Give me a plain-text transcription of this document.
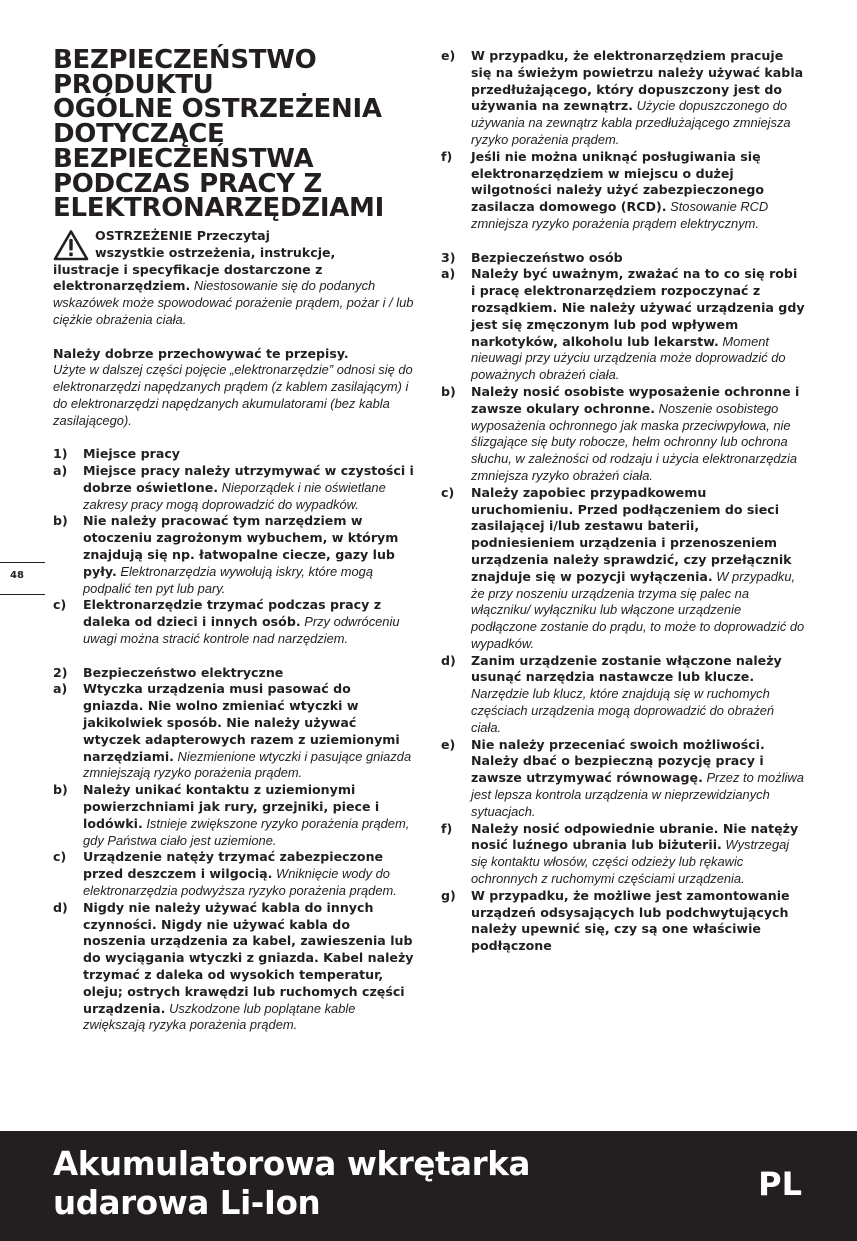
BEZPIECZEŃSTWO
PRODUKTU
OGÓLNE OSTRZEŻENIA
DOTYCZĄCE
BEZPIECZEŃSTWA
PODCZAS PRACY Z
ELEKTRONARZĘDZIAMI
OSTRZEŻENIE Przeczytaj
wszystkie ostrzeżenia, instrukcje,
ilustracje i specyfikacje dostarczone z elektronarzędziem. Niestosowanie się do podanych wskazówek może spowodować porażenie prądem, pożar i / lub ciężkie obrażenia ciała.
Należy dobrze przechowywać te przepisy.
Użyte w dalszej części pojęcie „elektronarzędzie” odnosi się do elektronarzędzi napędzanych prądem (z kablem zasilającym) i do elektronarzędzi napędzanych akumulatorami (bez kabla zasilającego).
1)	Miejsce pracy
a)	Miejsce pracy należy utrzymywać w czystości i dobrze oświetlone. Nieporządek i nie oświetlane zakresy pracy mogą doprowadzić do wypadków.
b)	Nie należy pracować tym narzędziem w otoczeniu zagrożonym wybuchem, w którym znajdują się np. łatwopalne ciecze, gazy lub pyły. Elektronarzędzia wywołują iskry, które mogą podpalić ten pyt lub pary.
c)	Elektronarzędzie trzymać podczas pracy z daleka od dzieci i innych osób. Przy odwróceniu uwagi można stracić kontrole nad narzędziem.
2)	Bezpieczeństwo elektryczne
a)	Wtyczka urządzenia musi pasować do gniazda. Nie wolno zmieniać wtyczki w jakikolwiek sposób. Nie należy używać wtyczek adapterowych razem z uziemionymi narzędziami. Niezmienione wtyczki i pasujące gniazda zmniejszają ryzyko porażenia prądem.
b)	Należy unikać kontaktu z uziemionymi powierzchniami jak rury, grzejniki, piece i lodówki. Istnieje zwiększone ryzyko porażenia prądem, gdy Państwa ciało jest uziemione.
c)	Urządzenie natęży trzymać zabezpieczone przed deszczem i wilgocią. Wniknięcie wody do elektronarzędzia podwyższa ryzyko porażenia prądem.
d)	Nigdy nie należy używać kabla do innych czynności. Nigdy nie używać kabla do noszenia urządzenia za kabel, zawieszenia lub do wyciągania wtyczki z gniazda. Kabel należy trzymać z daleka od wysokich temperatur, oleju; ostrych krawędzi lub ruchomych części urządzenia. Uszkodzone lub poplątane kable zwiększają ryzyka porażenia prądem.
e)	W przypadku, że elektronarzędziem pracuje się na świeżym powietrzu należy używać kabla przedłużającego, który dopuszczony jest do używania na zewnątrz. Użycie dopuszczonego do używania na zewnątrz kabla przedłużającego zmniejsza ryzyko porażenia prądem.
f)	Jeśli nie można uniknąć posługiwania się elektronarzędziem w miejscu o dużej wilgotności należy użyć zabezpieczonego zasilacza domowego (RCD). Stosowanie RCD zmniejsza ryzyko porażenia prądem elektrycznym.
3)	Bezpieczeństwo osób
a)	Należy być uważnym, zważać na to co się robi i pracę elektronarzędziem rozpoczynać z rozsądkiem. Nie należy używać urządzenia gdy jest się zmęczonym lub pod wpływem narkotyków, alkoholu lub lekarstw. Moment nieuwagi przy użyciu urządzenia może doprowadzić do poważnych obrażeń ciała.
b)	Należy nosić osobiste wyposażenie ochronne i zawsze okulary ochronne. Noszenie osobistego wyposażenia ochronnego jak maska przeciwpyłowa, nie ślizgające się buty robocze, hełm ochronny lub ochrona słuchu, w zależności od rodzaju i użycia elektronarzędzia zmniejsza ryzyko obrażeń ciała.
c)	Należy zapobiec przypadkowemu uruchomieniu. Przed podłączeniem do sieci zasilającej i/lub zestawu baterii, podniesieniem urządzenia i przenoszeniem urządzenia należy sprawdzić, czy przełącznik znajduje się w pozycji wyłączenia. W przypadku, że przy noszeniu urządzenia trzyma się palec na włączniku/ wyłączniku lub włączone urządzenie podłączone zostanie do prądu, to może to doprowadzić do wypadków.
d)	Zanim urządzenie zostanie włączone należy usunąć narzędzia nastawcze lub klucze. Narzędzie lub klucz, które znajdują się w ruchomych częściach urządzenia mogą doprowadzić do obrażeń ciała.
e)	Nie należy przeceniać swoich możliwości. Należy dbać o bezpieczną pozycję pracy i zawsze utrzymywać równowagę. Przez to możliwa jest lepsza kontrola urządzenia w nieprzewidzianych sytuacjach.
f)	Należy nosić odpowiednie ubranie. Nie natęży nosić luźnego ubrania lub biżuterii. Wystrzegaj się kontaktu włosów, części odzieży lub rękawic ochronnych z ruchomymi częściami urządzenia.
g)	W przypadku, że możliwe jest zamontowanie urządzeń odsysających lub podchwytujących należy upewnić się, czy są one właściwie podłączone
48
Akumulatorowa wkrętarka
udarowa Li-Ion	PL
